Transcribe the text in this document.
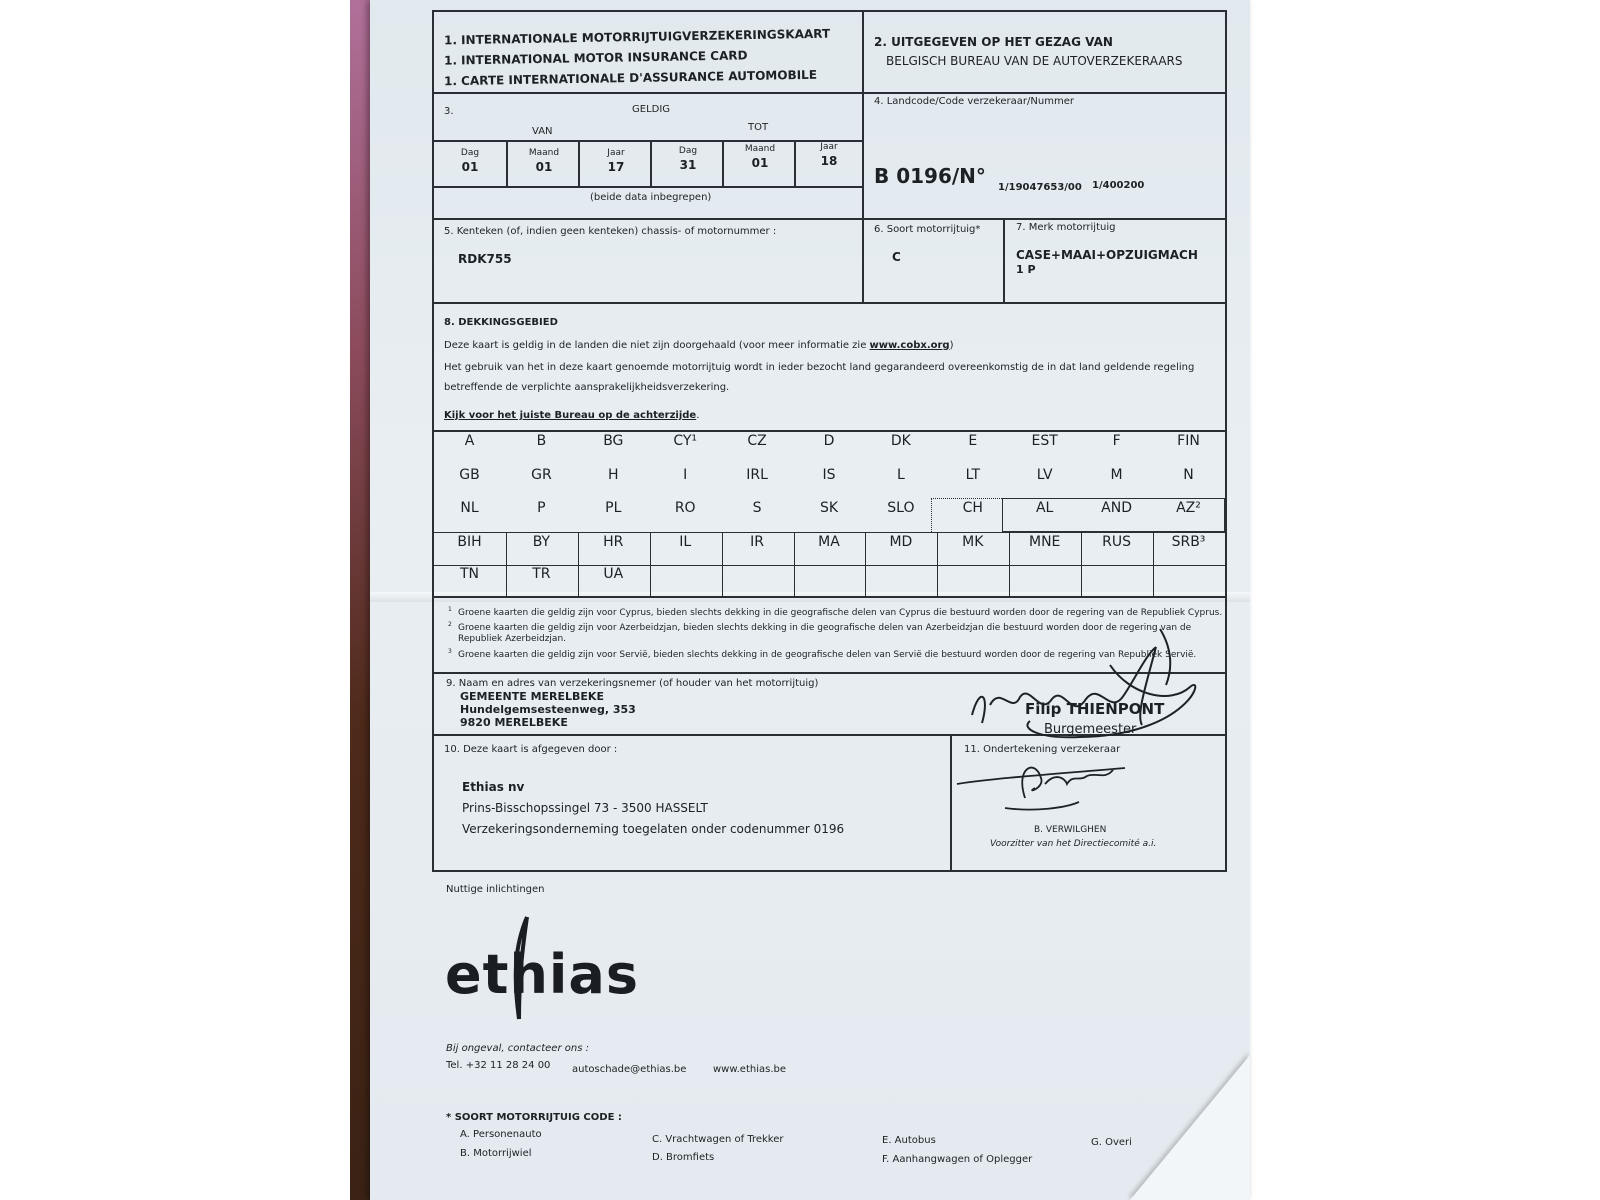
1. INTERNATIONALE MOTORRIJTUIGVERZEKERINGSKAART
1. INTERNATIONAL MOTOR INSURANCE CARD
1. CARTE INTERNATIONALE D'ASSURANCE AUTOMOBILE
2. UITGEGEVEN OP HET GEZAG VAN
BELGISCH BUREAU VAN DE AUTOVERZEKERAARS
3.	GELDIG
VAN	TOT
Dag
01
Maand
01
Jaar
17
Dag
31
Maand
01
Jaar
18
(beide data inbegrepen)
4. Landcode/Code verzekeraar/Nummer
B 0196/N° 1/19047653/00 1/400200
5. Kenteken (of, indien geen kenteken) chassis- of motornummer :
RDK755
6. Soort motorrijtuig*
C
7. Merk motorrijtuig
CASE+MAAI+OPZUIGMACH
1 P
8. DEKKINGSGEBIED
Deze kaart is geldig in de landen die niet zijn doorgehaald (voor meer informatie zie www.cobx.org)
Het gebruik van het in deze kaart genoemde motorrijtuig wordt in ieder bezocht land gegarandeerd overeenkomstig de in dat land geldende regeling
betreffende de verplichte aansprakelijkheidsverzekering.
Kijk voor het juiste Bureau op de achterzijde.
A	B	BG	CY¹	CZ	D	DK	E	EST	F	FIN
GB	GR	H	I	IRL	IS	L	LT	LV	M	N
NL	P	PL	RO	S	SK	SLO	CH	AL	AND	AZ²
BIH	BY	HR	IL	IR	MA	MD	MK	MNE	RUS	SRB³
TN	TR	UA
1 Groene kaarten die geldig zijn voor Cyprus, bieden slechts dekking in die geografische delen van Cyprus die bestuurd worden door de regering van de Republiek Cyprus.
2 Groene kaarten die geldig zijn voor Azerbeidzjan, bieden slechts dekking in die geografische delen van Azerbeidzjan die bestuurd worden door de regering van de
Republiek Azerbeidzjan.
3 Groene kaarten die geldig zijn voor Servië, bieden slechts dekking in de geografische delen van Servië die bestuurd worden door de regering van Republiek Servië.
9. Naam en adres van verzekeringsnemer (of houder van het motorrijtuig)
GEMEENTE MERELBEKE
Hundelgemsesteenweg, 353
9820 MERELBEKE
Filip THIENPONT
Burgemeester
10. Deze kaart is afgegeven door :
Ethias nv
Prins-Bisschopssingel 73 - 3500 HASSELT
Verzekeringsonderneming toegelaten onder codenummer 0196
11. Ondertekening verzekeraar
B. VERWILGHEN
Voorzitter van het Directiecomité a.i.
Nuttige inlichtingen
ethias
Bij ongeval, contacteer ons :
Tel. +32 11 28 24 00 autoschade@ethias.be	www.ethias.be
* SOORT MOTORRIJTUIG CODE :
A. Personenauto
B. Motorrijwiel
C. Vrachtwagen of Trekker
D. Bromfiets
E. Autobus
F. Aanhangwagen of Oplegger
G. Overi
